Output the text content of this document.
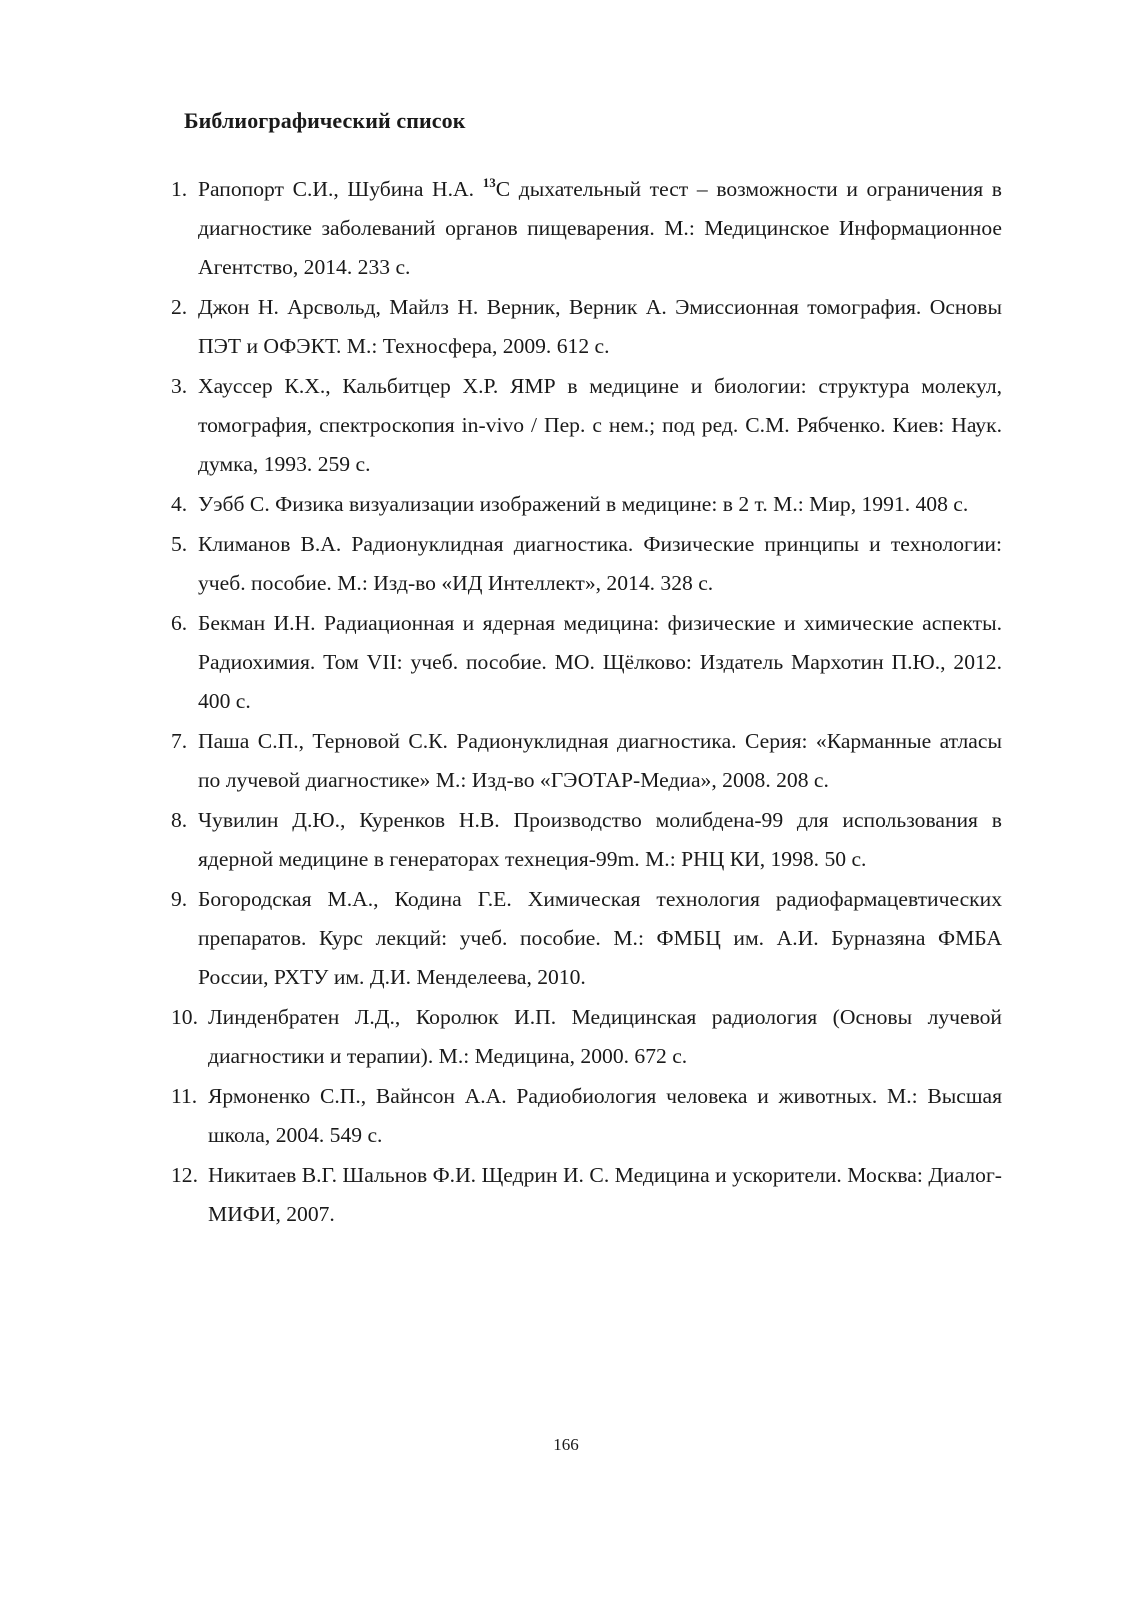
Библиографический список
1. Рапопорт С.И., Шубина Н.А. $^{13}$С дыхательный тест – возможности и ограничения в диагностике заболеваний органов пищеварения. М.: Медицинское Информационное Агентство, 2014. 233 с.
2. Джон Н. Арсвольд, Майлз Н. Верник, Верник А. Эмиссионная томография. Основы ПЭТ и ОФЭКТ. М.: Техносфера, 2009. 612 с.
3. Хауссер К.Х., Кальбитцер Х.Р. ЯМР в медицине и биологии: структура молекул, томография, спектроскопия in-vivo / Пер. с нем.; под ред. С.М. Рябченко. Киев: Наук. думка, 1993. 259 с.
4. Уэбб С. Физика визуализации изображений в медицине: в 2 т. М.: Мир, 1991. 408 с.
5. Климанов В.А. Радионуклидная диагностика. Физические принципы и технологии: учеб. пособие. М.: Изд-во «ИД Интеллект», 2014. 328 с.
6. Бекман И.Н. Радиационная и ядерная медицина: физические и химические аспекты. Радиохимия. Том VII: учеб. пособие. МО. Щёлково: Издатель Мархотин П.Ю., 2012. 400 с.
7. Паша С.П., Терновой С.К. Радионуклидная диагностика. Серия: «Карманные атласы по лучевой диагностике» М.: Изд-во «ГЭОТАР-Медиа», 2008. 208 с.
8. Чувилин Д.Ю., Куренков Н.В. Производство молибдена-99 для использования в ядерной медицине в генераторах технеция-99m. М.: РНЦ КИ, 1998. 50 с.
9. Богородская М.А., Кодина Г.Е. Химическая технология радиофармацевтических препаратов. Курс лекций: учеб. пособие. М.: ФМБЦ им. А.И. Бурназяна ФМБА России, РХТУ им. Д.И. Менделеева, 2010.
10. Линденбратен Л.Д., Королюк И.П. Медицинская радиология (Основы лучевой диагностики и терапии). М.: Медицина, 2000. 672 с.
11. Ярмоненко С.П., Вайнсон А.А. Радиобиология человека и животных. М.: Высшая школа, 2004. 549 с.
12. Никитаев В.Г. Шальнов Ф.И. Щедрин И. С. Медицина и ускорители. Москва: Диалог-МИФИ, 2007.
166
